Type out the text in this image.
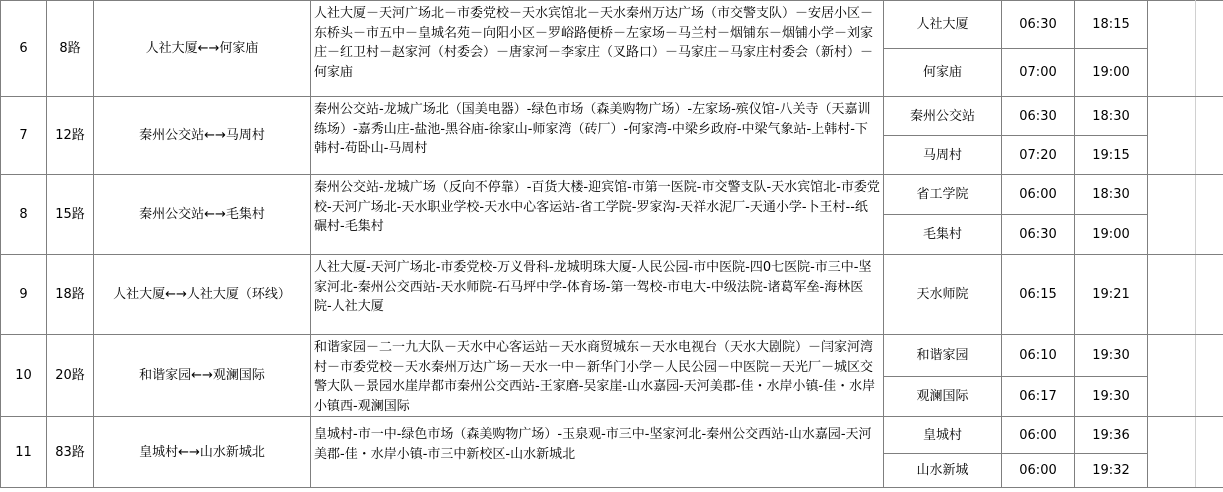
6	8路	人社大厦←→何家庙	人社大厦－天河广场北－市委党校－天水宾馆北－天水秦州万达广场（市交警支队）－安居小区－东桥头－市五中－皇城名苑－向阳小区－罗峪路便桥－左家场－马兰村－烟铺东－烟铺小学－刘家庄－红卫村－赵家河（村委会）－唐家河－李家庄（叉路口）－马家庄－马家庄村委会（新村）－何家庙	人社大厦	06:30	18:15		
				何家庙	07:00	19:00		
7	12路	秦州公交站←→马周村	秦州公交站-龙城广场北（国美电器）-绿色市场（森美购物广场）-左家场-殡仪馆-八关寺（天嘉训练场）-嘉秀山庄-盐池-黑谷庙-徐家山-师家湾（砖厂）-何家湾-中梁乡政府-中梁气象站-上韩村-下韩村-苟卧山-马周村	秦州公交站	06:30	18:30		
				马周村	07:20	19:15		
8	15路	秦州公交站←→毛集村	秦州公交站-龙城广场（反向不停靠）-百货大楼-迎宾馆-市第一医院-市交警支队-天水宾馆北-市委党校-天河广场北-天水职业学校-天水中心客运站-省工学院-罗家沟-天祥水泥厂-天通小学-卜王村--纸碾村-毛集村	省工学院	06:00	18:30		
				毛集村	06:30	19:00		
9	18路	人社大厦←→人社大厦（环线）	人社大厦-天河广场北-市委党校-万义骨科-龙城明珠大厦-人民公园-市中医院-四0七医院-市三中-坚家河北-秦州公交西站-天水师院-石马坪中学-体育场-第一驾校-市电大-中级法院-诸葛军垒-海林医院-人社大厦	天水师院	06:15	19:21		
10	20路	和谐家园←→观澜国际	和谐家园－二一九大队－天水中心客运站－天水商贸城东－天水电视台（天水大剧院）－闫家河湾村－市委党校－天水秦州万达广场－天水一中－新华门小学－人民公园－中医院－天光厂－城区交警大队－景园水崖岸都市秦州公交西站-王家磨-吴家崖-山水嘉园-天河美郡-佳・水岸小镇-佳・水岸小镇西-观澜国际	和谐家园	06:10	19:30		
				观澜国际	06:17	19:30		
11	83路	皇城村←→山水新城北	皇城村-市一中-绿色市场（森美购物广场）-玉泉观-市三中-坚家河北-秦州公交西站-山水嘉园-天河美郡-佳・水岸小镇-市三中新校区-山水新城北	皇城村	06:00	19:36		
				山水新城	06:00	19:32		
